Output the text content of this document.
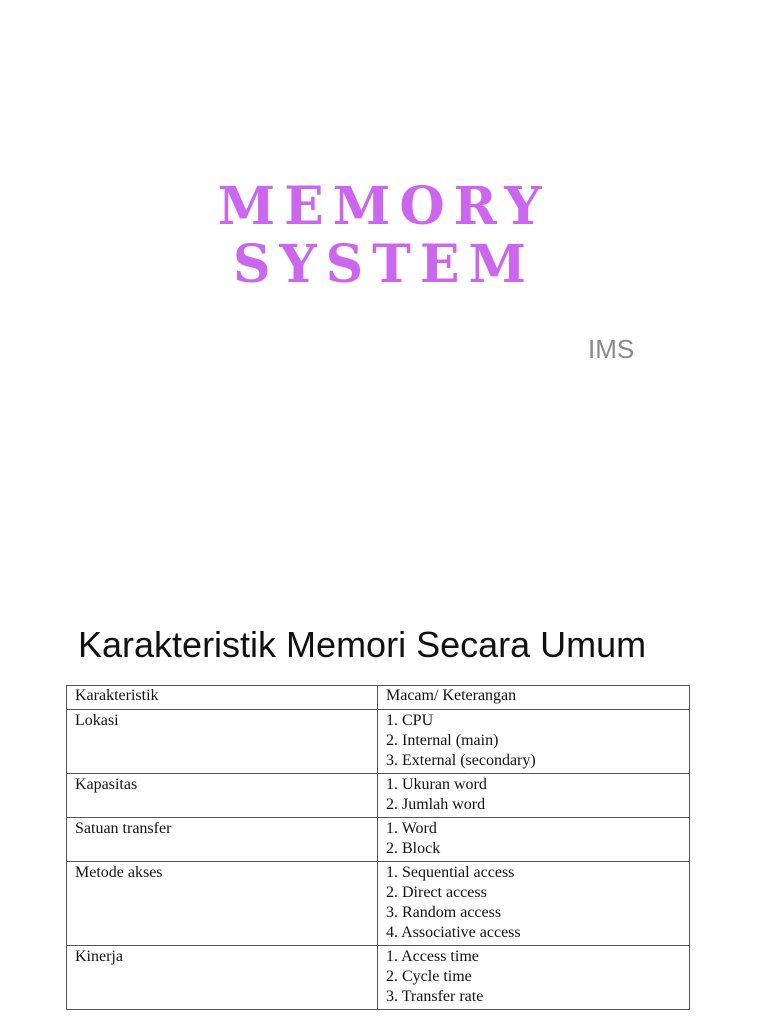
MEMORY
SYSTEM
IMS
Karakteristik Memori Secara Umum
Karakteristik	Macam/ Keterangan
Lokasi	1. CPU
2. Internal (main)
3. External (secondary)

Kapasitas	1. Ukuran word
2. Jumlah word

Satuan transfer	1. Word
2. Block

Metode akses	1. Sequential access
2. Direct access
3. Random access
4. Associative access

Kinerja	1. Access time
2. Cycle time
3. Transfer rate
